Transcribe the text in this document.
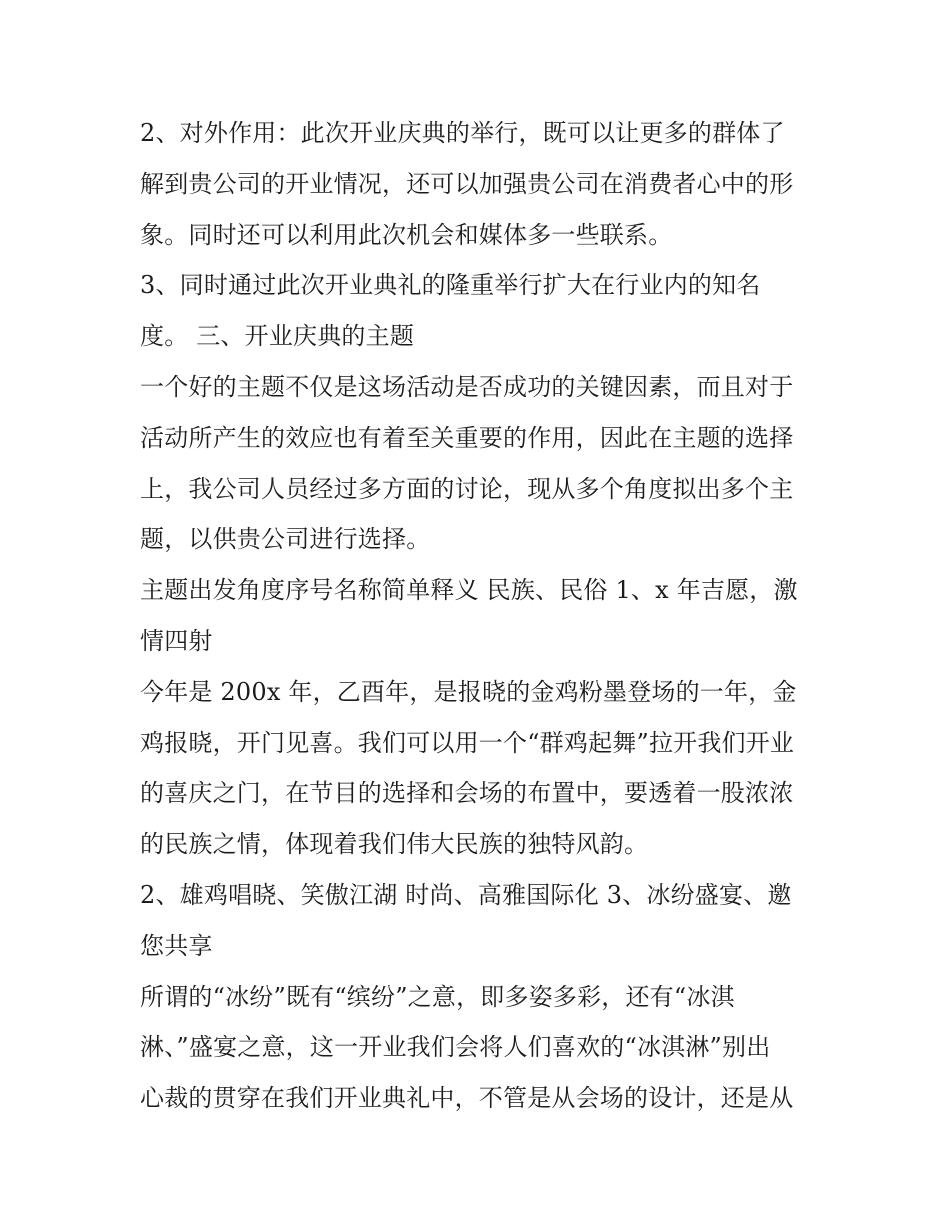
2、对外作用：此次开业庆典的举行，既可以让更多的群体了
解到贵公司的开业情况，还可以加强贵公司在消费者心中的形
象。同时还可以利用此次机会和媒体多一些联系。
3、同时通过此次开业典礼的隆重举行扩大在行业内的知名
度。 三、开业庆典的主题
一个好的主题不仅是这场活动是否成功的关键因素，而且对于
活动所产生的效应也有着至关重要的作用，因此在主题的选择
上，我公司人员经过多方面的讨论，现从多个角度拟出多个主
题，以供贵公司进行选择。
主题出发角度序号名称简单释义 民族、民俗 1、x 年吉愿，激
情四射
今年是 200x 年，乙酉年，是报晓的金鸡粉墨登场的一年，金
鸡报晓，开门见喜。我们可以用一个“群鸡起舞”拉开我们开业
的喜庆之门，在节目的选择和会场的布置中，要透着一股浓浓
的民族之情，体现着我们伟大民族的独特风韵。
2、雄鸡唱晓、笑傲江湖 时尚、高雅国际化 3、冰纷盛宴、邀
您共享
所谓的“冰纷”既有“缤纷”之意，即多姿多彩，还有“冰淇
淋、”盛宴之意，这一开业我们会将人们喜欢的“冰淇淋”别出
心裁的贯穿在我们开业典礼中，不管是从会场的设计，还是从
